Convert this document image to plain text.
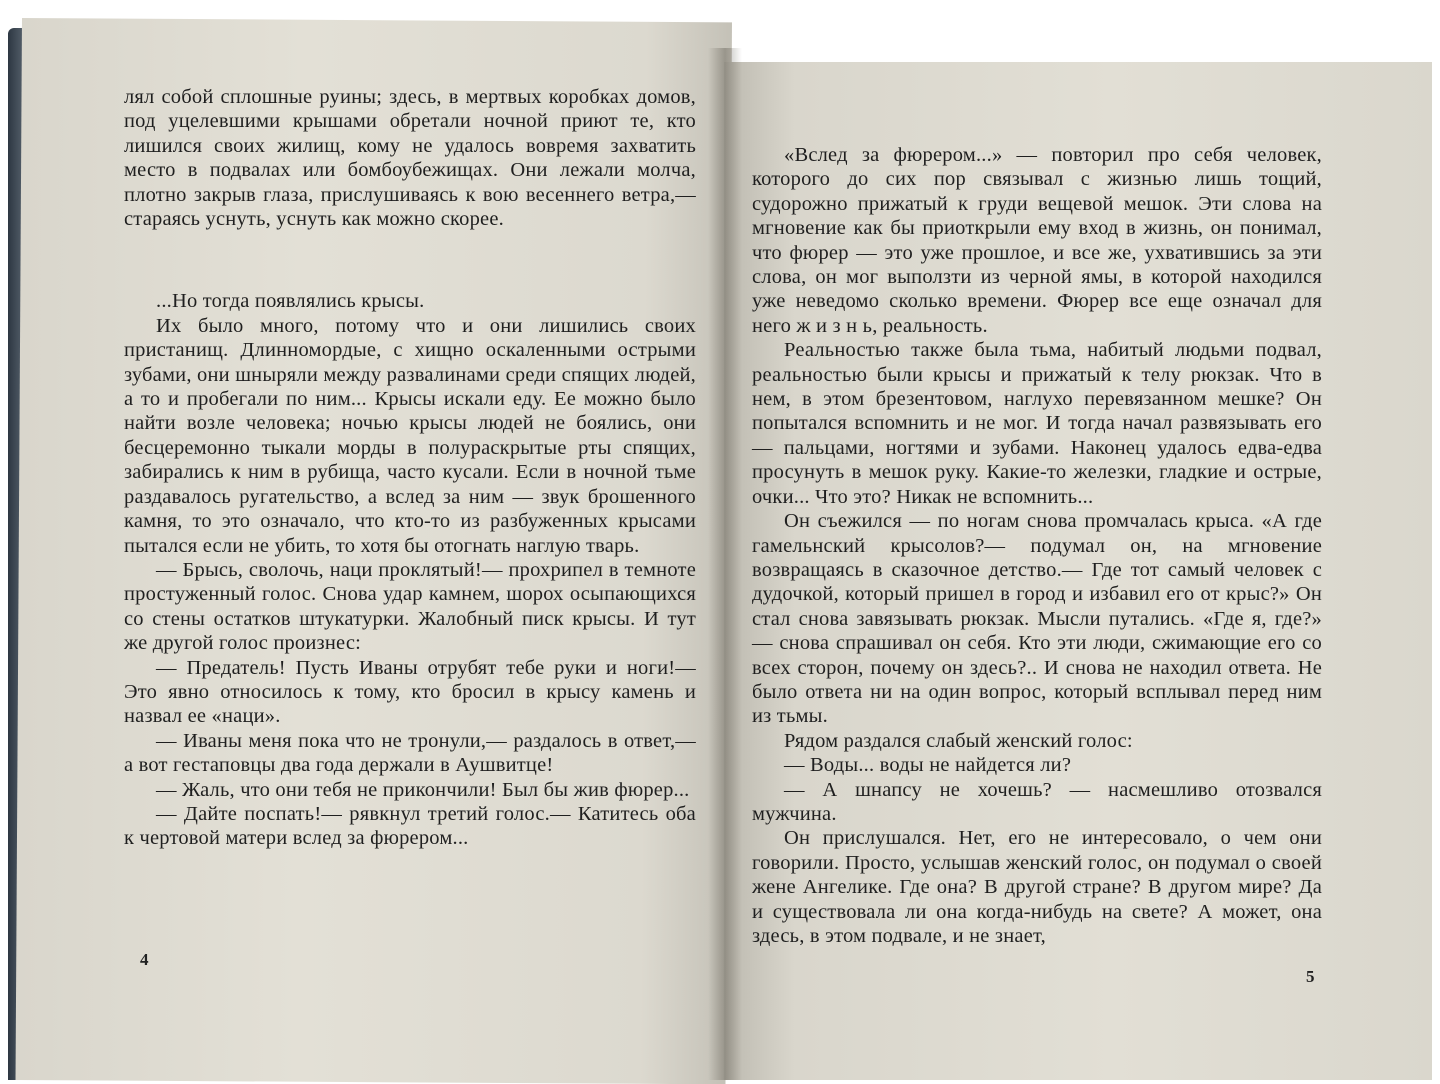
лял собой сплошные руины; здесь, в мертвых коробках домов, под уцелевшими крышами обретали ночной приют те, кто лишился своих жилищ, кому не удалось вовремя захватить место в подвалах или бомбоубежищах. Они лежали молча, плотно закрыв глаза, прислушиваясь к вою весеннего ветра,— стараясь уснуть, уснуть как можно скорее.

...Но тогда появлялись крысы.

Их было много, потому что и они лишились своих пристанищ. Длинномордые, с хищно оскаленными острыми зубами, они шныряли между развалинами среди спящих людей, а то и пробегали по ним... Крысы искали еду. Ее можно было найти возле человека; ночью крысы людей не боялись, они бесцеремонно тыкали морды в полураскрытые рты спящих, забирались к ним в рубища, часто кусали. Если в ночной тьме раздавалось ругательство, а вслед за ним — звук брошенного камня, то это означало, что кто-то из разбуженных крысами пытался если не убить, то хотя бы отогнать наглую тварь.

— Брысь, сволочь, наци проклятый!— прохрипел в темноте простуженный голос. Снова удар камнем, шорох осыпающихся со стены остатков штукатурки. Жалобный писк крысы. И тут же другой голос произнес:

— Предатель! Пусть Иваны отрубят тебе руки и ноги!— Это явно относилось к тому, кто бросил в крысу камень и назвал ее «наци».

— Иваны меня пока что не тронули,— раздалось в ответ,— а вот гестаповцы два года держали в Аушвитце!

— Жаль, что они тебя не прикончили! Был бы жив фюрер...

— Дайте поспать!— рявкнул третий голос.— Катитесь оба к чертовой матери вслед за фюрером...

4

«Вслед за фюрером...» — повторил про себя человек, которого до сих пор связывал с жизнью лишь тощий, судорожно прижатый к груди вещевой мешок. Эти слова на мгновение как бы приоткрыли ему вход в жизнь, он понимал, что фюрер — это уже прошлое, и все же, ухватившись за эти слова, он мог выползти из черной ямы, в которой находился уже неведомо сколько времени. Фюрер все еще означал для него ж и з н ь, реальность.

Реальностью также была тьма, набитый людьми подвал, реальностью были крысы и прижатый к телу рюкзак. Что в нем, в этом брезентовом, наглухо перевязанном мешке? Он попытался вспомнить и не мог. И тогда начал развязывать его — пальцами, ногтями и зубами. Наконец удалось едва-едва просунуть в мешок руку. Какие-то железки, гладкие и острые, очки... Что это? Никак не вспомнить...

Он съежился — по ногам снова промчалась крыса. «А где гамельнский крысолов?— подумал он, на мгновение возвращаясь в сказочное детство.— Где тот самый человек с дудочкой, который пришел в город и избавил его от крыс?» Он стал снова завязывать рюкзак. Мысли путались. «Где я, где?» — снова спрашивал он себя. Кто эти люди, сжимающие его со всех сторон, почему он здесь?.. И снова не находил ответа. Не было ответа ни на один вопрос, который всплывал перед ним из тьмы.

Рядом раздался слабый женский голос:

— Воды... воды не найдется ли?

— А шнапсу не хочешь? — насмешливо отозвался мужчина.

Он прислушался. Нет, его не интересовало, о чем они говорили. Просто, услышав женский голос, он подумал о своей жене Ангелике. Где она? В другой стране? В другом мире? Да и существовала ли она когда-нибудь на свете? А может, она здесь, в этом подвале, и не знает,

5
